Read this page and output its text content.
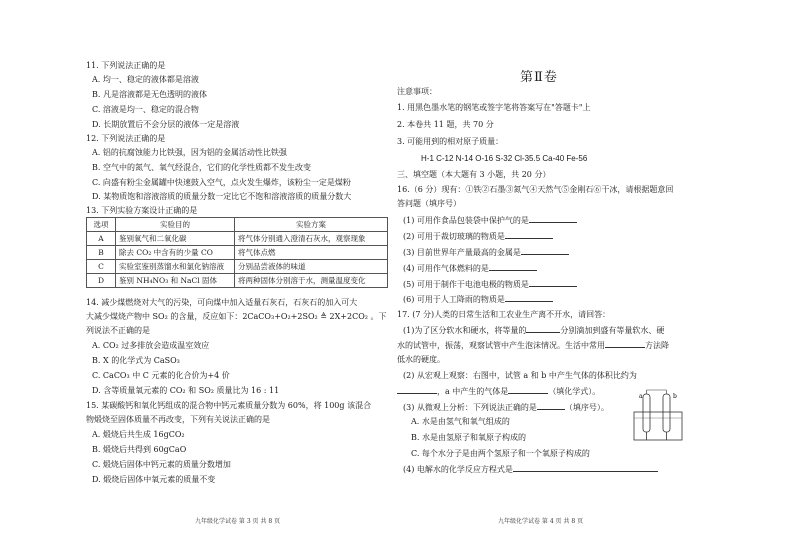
11. 下列说法正确的是
A. 均一、稳定的液体都是溶液
B. 凡是溶液都是无色透明的液体
C. 溶液是均一、稳定的混合物
D. 长期放置后不会分层的液体一定是溶液
12. 下列说法正确的是
A. 铝的抗腐蚀能力比铁强，因为铝的金属活动性比铁强
B. 空气中的氮气、氧气经混合，它们的化学性质都不发生改变
C. 向盛有粉尘金属罐中快速鼓入空气，点火发生爆炸，该粉尘一定是煤粉
D. 某物质饱和溶液溶质的质量分数一定比它不饱和溶液溶质的质量分数大
13. 下列实验方案设计正确的是
选项	实验目的	实验方案
A	鉴别氧气和二氧化碳	将气体分别通入澄清石灰水，观察现象
B	除去 CO₂ 中含有的少量 CO	将气体点燃
C	实验室鉴别蒸馏水和氯化钠溶液	分别品尝液体的味道
D	鉴别 NH₄NO₃ 和 NaCl 固体	将两种固体分别溶于水，测量温度变化
14. 减少煤燃烧对大气的污染，可向煤中加入适量石灰石，石灰石的加入可大
大减少煤烧产物中 SO₂ 的含量，反应如下：2CaCO₃+O₂+2SO₂ ≜ 2X+2CO₂ 。下
列说法不正确的是
A. CO₂ 过多排放会造成温室效应
B. X 的化学式为 CaSO₃
C. CaCO₃ 中 C 元素的化合价为+4 价
D. 含等质量氧元素的 CO₂ 和 SO₂ 质量比为 16 : 11
15. 某碳酸钙和氧化钙组成的混合物中钙元素质量分数为 60%，将 100g 该混合
物煅烧至固体质量不再改变，下列有关说法正确的是
A. 煅烧后共生成 16gCO₂
B. 煅烧后共得到 60gCaO
C. 煅烧后固体中钙元素的质量分数增加
D. 煅烧后固体中氧元素的质量不变
九年级化学试卷 第 3 页 共 8 页
第Ⅱ卷
注意事项：
1. 用黑色墨水笔的钢笔或签字笔将答案写在"答题卡"上
2. 本卷共 11 题，共 70 分
3. 可能用到的相对原子质量：
H-1 C-12 N-14 O-16 S-32 Cl-35.5 Ca-40 Fe-56
三、填空题（本大题有 3 小题，共 20 分）
16.（6 分）现有：①铁②石墨③氮气④天然气⑤金刚石⑥干冰，请根据题意回
答问题（填序号）
(1) 可用作食品包装袋中保护气的是
(2) 可用于裁切玻璃的物质是
(3) 目前世界年产量最高的金属是
(4) 可用作气体燃料的是
(5) 可用于制作干电池电极的物质是
(6) 可用于人工降雨的物质是
17. (7 分)人类的日常生活和工农业生产离不开水，请回答：
(1)为了区分软水和硬水，将等量的	分别滴加到盛有等量软水、硬
水的试管中，振荡，观察试管中产生泡沫情况。生活中常用	方法降
低水的硬度。
(2) 从宏观上观察：右图中，试管 a 和 b 中产生气体的体积比约为
，a 中产生的气体是	（填化学式）。
(3) 从微观上分析：下列说法正确的是	（填序号）。
A. 水是由氢气和氧气组成的
B. 水是由氢原子和氧原子构成的
C. 每个水分子是由两个氢原子和一个氧原子构成的
(4) 电解水的化学反应方程式是
a	b
九年级化学试卷 第 4 页 共 8 页
